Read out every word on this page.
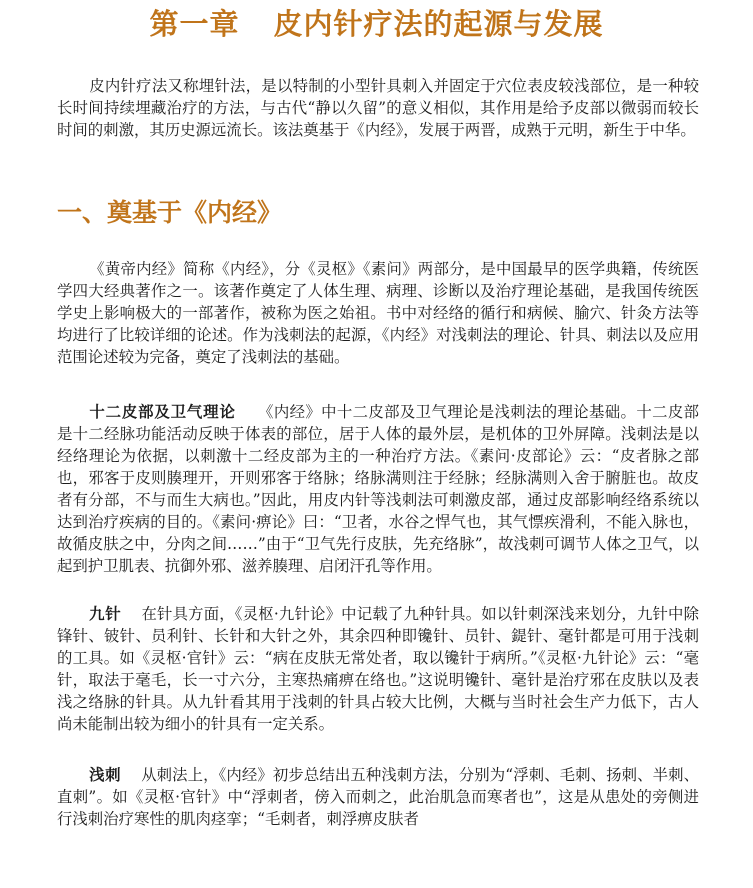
第一章 皮内针疗法的起源与发展

皮内针疗法又称埋针法，是以特制的小型针具刺入并固定于穴位表皮较浅部位，是一种较长时间持续埋藏治疗的方法，与古代“静以久留”的意义相似，其作用是给予皮部以微弱而较长时间的刺激，其历史源远流长。该法奠基于《内经》，发展于两晋，成熟于元明，新生于中华。

一、奠基于《内经》

《黄帝内经》简称《内经》，分《灵枢》《素问》两部分，是中国最早的医学典籍，传统医学四大经典著作之一。该著作奠定了人体生理、病理、诊断以及治疗理论基础，是我国传统医学史上影响极大的一部著作，被称为医之始祖。书中对经络的循行和病候、腧穴、针灸方法等均进行了比较详细的论述。作为浅刺法的起源，《内经》对浅刺法的理论、针具、刺法以及应用范围论述较为完备，奠定了浅刺法的基础。

十二皮部及卫气理论 《内经》中十二皮部及卫气理论是浅刺法的理论基础。十二皮部是十二经脉功能活动反映于体表的部位，居于人体的最外层，是机体的卫外屏障。浅刺法是以经络理论为依据，以刺激十二经皮部为主的一种治疗方法。《素问·皮部论》云：“皮者脉之部也，邪客于皮则腠理开，开则邪客于络脉；络脉满则注于经脉；经脉满则入舍于腑脏也。故皮者有分部，不与而生大病也。”因此，用皮内针等浅刺法可刺激皮部，通过皮部影响经络系统以达到治疗疾病的目的。《素问·痹论》曰：“卫者，水谷之悍气也，其气慓疾滑利，不能入脉也，故循皮肤之中，分肉之间……”由于“卫气先行皮肤，先充络脉”，故浅刺可调节人体之卫气，以起到护卫肌表、抗御外邪、滋养腠理、启闭汗孔等作用。

九针 在针具方面，《灵枢·九针论》中记载了九种针具。如以针刺深浅来划分，九针中除锋针、铍针、员利针、长针和大针之外，其余四种即镵针、员针、鍉针、毫针都是可用于浅刺的工具。如《灵枢·官针》云：“病在皮肤无常处者，取以镵针于病所。”《灵枢·九针论》云：“毫针，取法于毫毛，长一寸六分，主寒热痛痹在络也。”这说明镵针、毫针是治疗邪在皮肤以及表浅之络脉的针具。从九针看其用于浅刺的针具占较大比例，大概与当时社会生产力低下，古人尚未能制出较为细小的针具有一定关系。

浅刺 从刺法上，《内经》初步总结出五种浅刺方法，分别为“浮刺、毛刺、扬刺、半刺、直刺”。如《灵枢·官针》中“浮刺者，傍入而刺之，此治肌急而寒者也”，这是从患处的旁侧进行浅刺治疗寒性的肌肉痉挛；“毛刺者，刺浮痹皮肤者
